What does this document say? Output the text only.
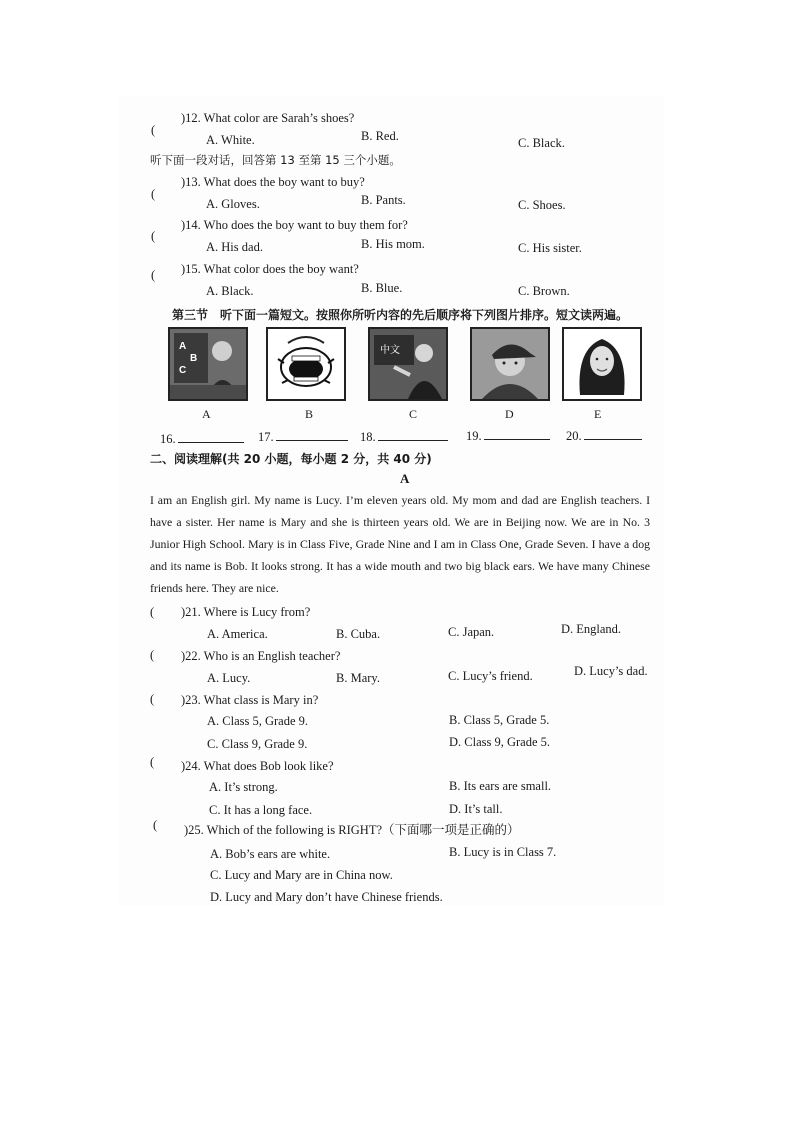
(
)12. What color are Sarah’s shoes?
A. White.	B. Red.	C. Black.
听下面一段对话，回答第 13 至第 15 三个小题。
(
)13. What does the boy want to buy?
A. Gloves.	B. Pants.	C. Shoes.
(
)14. Who does the boy want to buy them for?
A. His dad.	B. His mom.	C. His sister.
( )15. What color does the boy want?
A. Black.	B. Blue.	C. Brown.
第三节　听下面一篇短文。按照你所听内容的先后顺序将下列图片排序。短文读两遍。
A
B
C
A	B
中文
C	D	E
16.	17.	18.	19.	20.
二、阅读理解(共 20 小题，每小题 2 分，共 40 分)
A
I am an English girl. My name is Lucy. I’m eleven years old. My mom and dad are English teachers. I have a sister. Her name is Mary and she is thirteen years old. We are in Beijing now. We are in No. 3 Junior High School. Mary is in Class Five, Grade Nine and I am in Class One, Grade Seven. I have a dog and its name is Bob. It looks strong. It has a wide mouth and two big black ears. We have many Chinese friends here. They are nice.
( )21. Where is Lucy from?
A. America.	B. Cuba.	C. Japan.	D. England.
( )22. Who is an English teacher?
A. Lucy.	B. Mary.	C. Lucy’s friend.	D. Lucy’s dad.
( )23. What class is Mary in?
A. Class 5, Grade 9.	B. Class 5, Grade 5.
C. Class 9, Grade 9.	D. Class 9, Grade 5.
( )24. What does Bob look like?
A. It’s strong.	B. Its ears are small.
C. It has a long face.	D. It’s tall.
( )25. Which of the following is RIGHT?（下面哪一项是正确的）
A. Bob’s ears are white.	B. Lucy is in Class 7.
C. Lucy and Mary are in China now.
D. Lucy and Mary don’t have Chinese friends.
